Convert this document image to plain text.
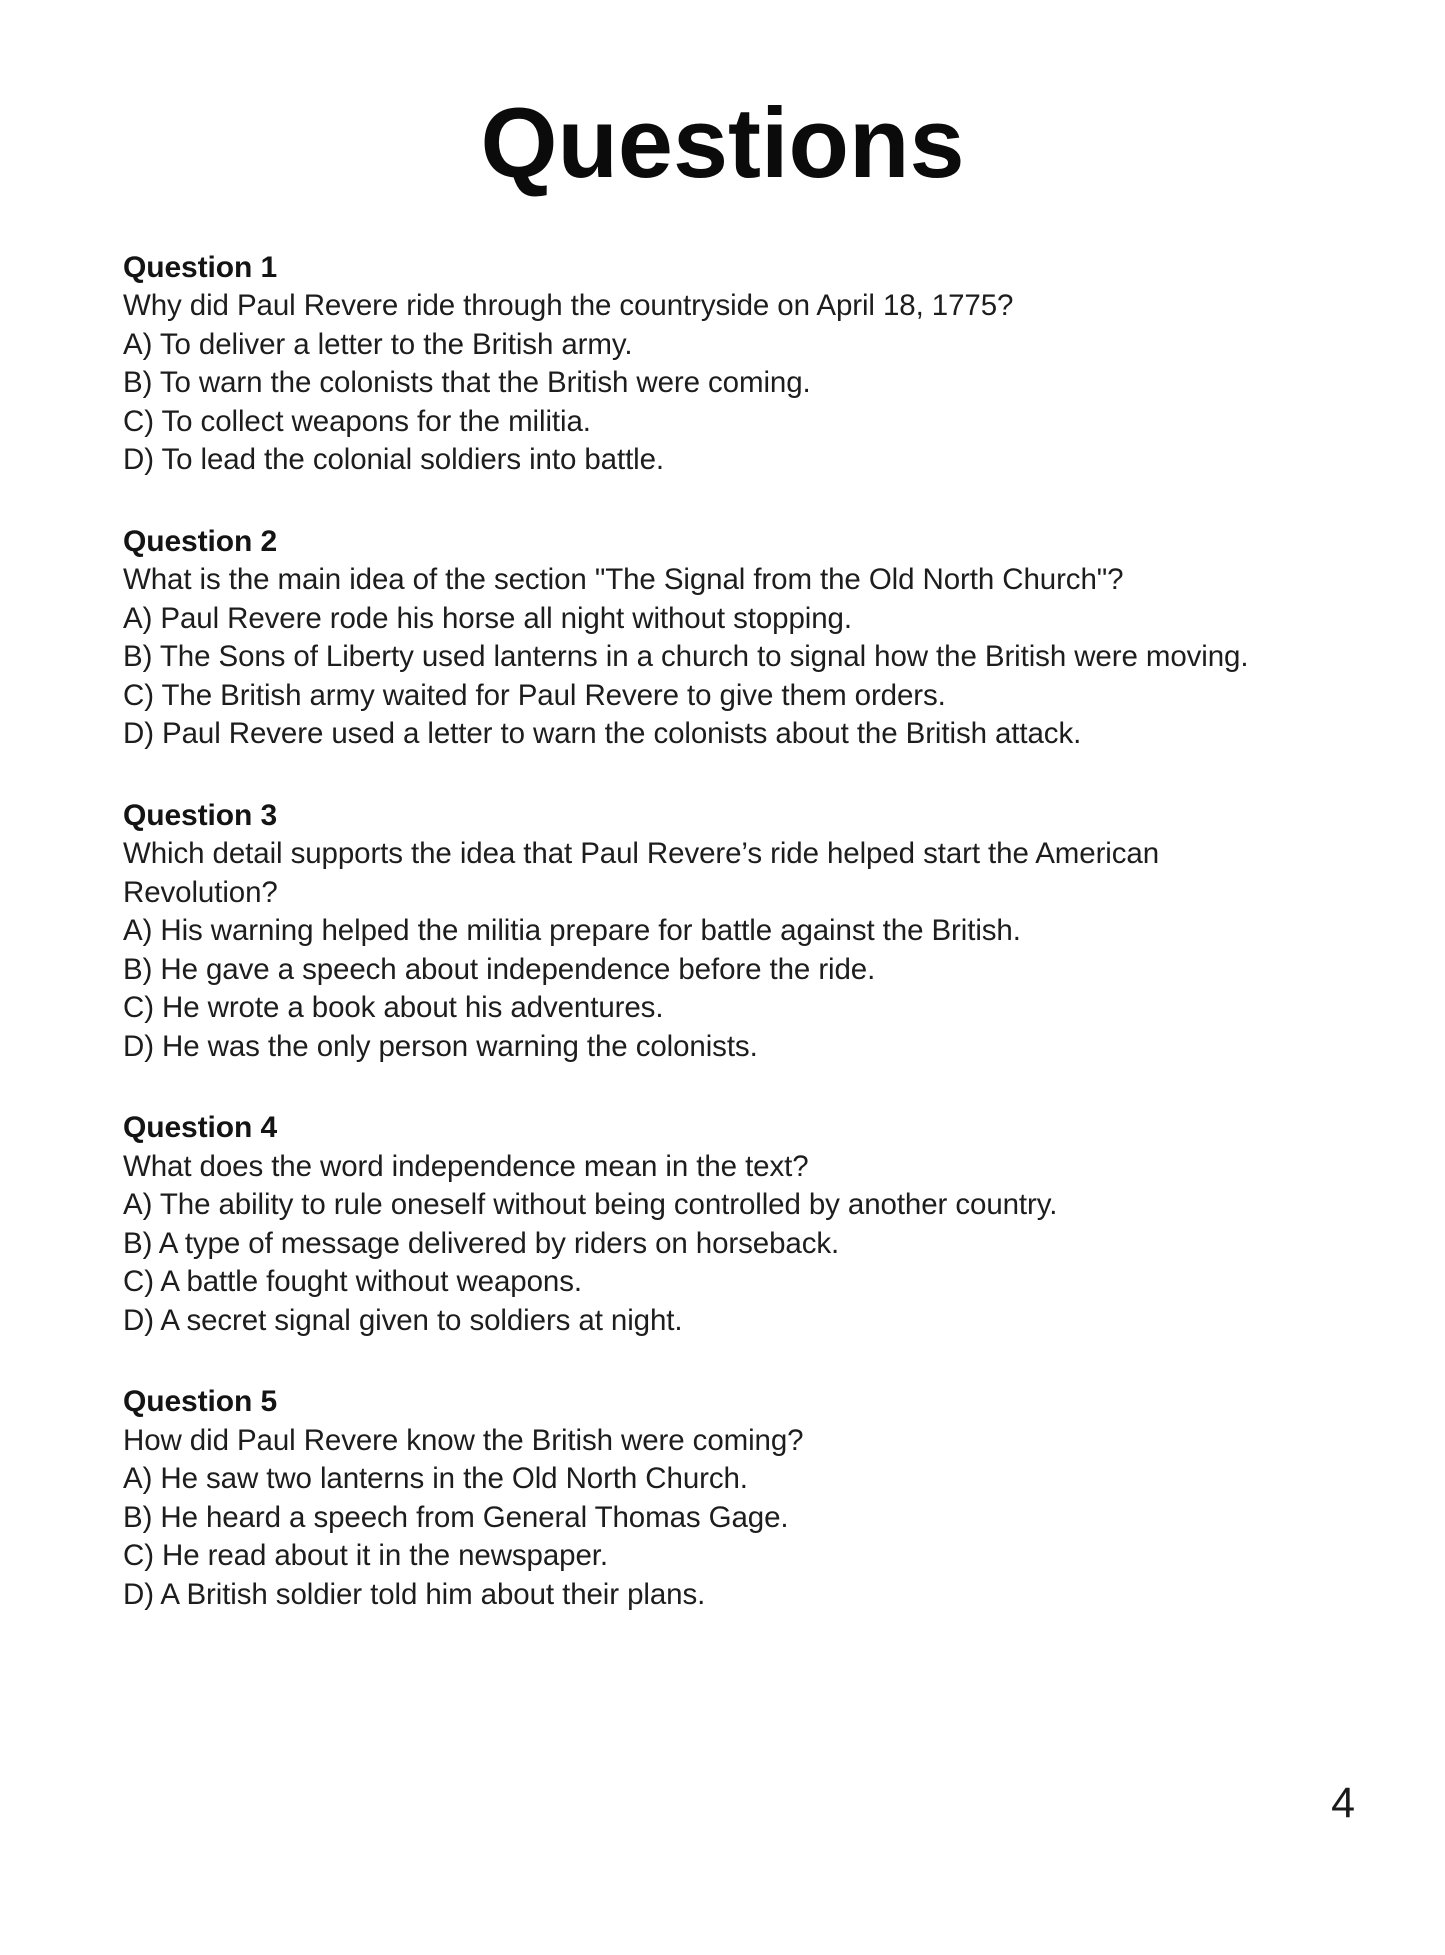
Questions
Question 1

Why did Paul Revere ride through the countryside on April 18, 1775?

A) To deliver a letter to the British army.

B) To warn the colonists that the British were coming.

C) To collect weapons for the militia.

D) To lead the colonial soldiers into battle.

Question 2

What is the main idea of the section "The Signal from the Old North Church"?

A) Paul Revere rode his horse all night without stopping.

B) The Sons of Liberty used lanterns in a church to signal how the British were moving.

C) The British army waited for Paul Revere to give them orders.

D) Paul Revere used a letter to warn the colonists about the British attack.

Question 3

Which detail supports the idea that Paul Revere’s ride helped start the American Revolution?

A) His warning helped the militia prepare for battle against the British.

B) He gave a speech about independence before the ride.

C) He wrote a book about his adventures.

D) He was the only person warning the colonists.

Question 4

What does the word independence mean in the text?

A) The ability to rule oneself without being controlled by another country.

B) A type of message delivered by riders on horseback.

C) A battle fought without weapons.

D) A secret signal given to soldiers at night.

Question 5

How did Paul Revere know the British were coming?

A) He saw two lanterns in the Old North Church.

B) He heard a speech from General Thomas Gage.

C) He read about it in the newspaper.

D) A British soldier told him about their plans.

4
